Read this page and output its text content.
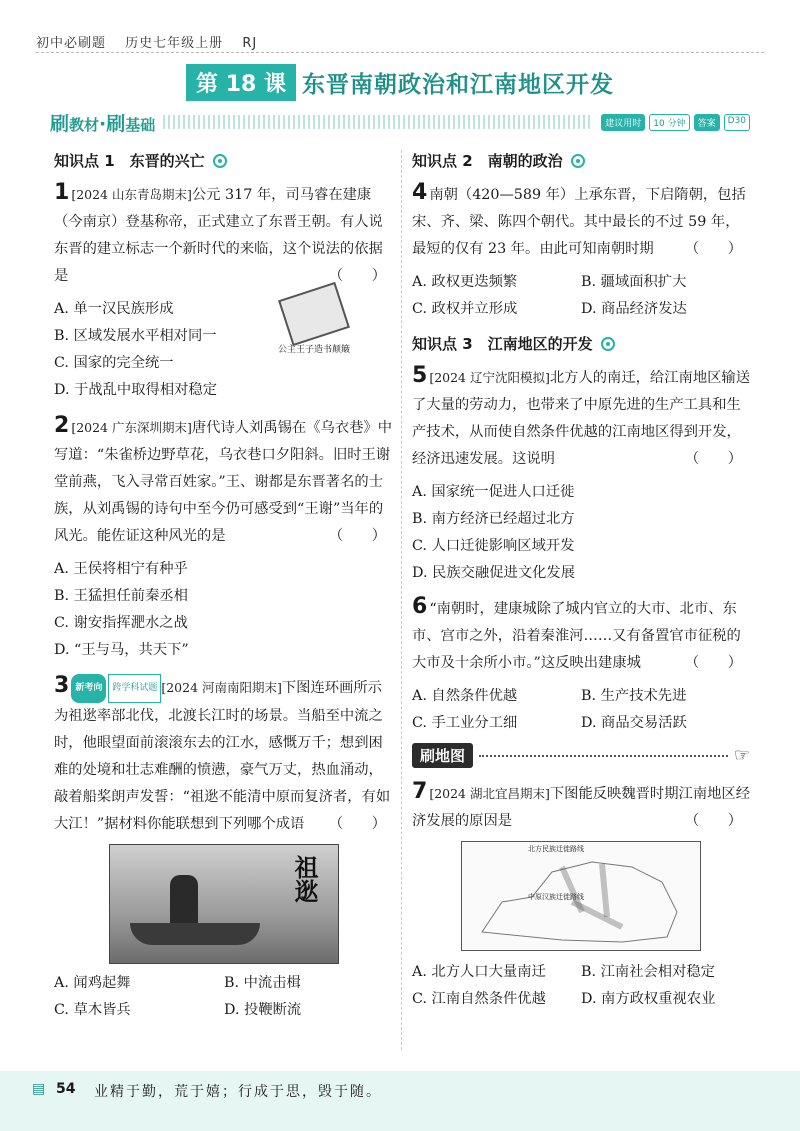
初中必刷题 历史七年级上册 RJ
第 18 课 东晋南朝政治和江南地区开发
刷教材·刷基础	建议用时	10 分钟	答案	D30
知识点 1　东晋的兴亡
1 [2024 山东青岛期末]公元 317 年，司马睿在建康（今南京）登基称帝，正式建立了东晋王朝。有人说东晋的建立标志一个新时代的来临，这个说法的依据是	（　　）
A. 单一汉民族形成
B. 区域发展水平相对同一
C. 国家的完全统一
D. 于战乱中取得相对稳定
公主王子造书颠簸
2 [2024 广东深圳期末]唐代诗人刘禹锡在《乌衣巷》中写道：“朱雀桥边野草花，乌衣巷口夕阳斜。旧时王谢堂前燕，飞入寻常百姓家。”王、谢都是东晋著名的士族，从刘禹锡的诗句中至今仍可感受到“王谢”当年的风光。能佐证这种风光的是	（　　）
A. 王侯将相宁有种乎
B. 王猛担任前秦丞相
C. 谢安指挥淝水之战
D. “王与马，共天下”
3 新考向 跨学科试题 [2024 河南南阳期末]下图连环画所示为祖逖率部北伐，北渡长江时的场景。当船至中流之时，他眼望面前滚滚东去的江水，感慨万千；想到困难的处境和壮志难酬的愤懑，豪气万丈，热血涌动，敲着船桨朗声发誓：“祖逖不能清中原而复济者，有如大江！”据材料你能联想到下列哪个成语 （　　）
祖逖
A. 闻鸡起舞	B. 中流击楫
C. 草木皆兵	D. 投鞭断流
知识点 2　南朝的政治
4 南朝（420—589 年）上承东晋，下启隋朝，包括宋、齐、梁、陈四个朝代。其中最长的不过 59 年，最短的仅有 23 年。由此可知南朝时期 （　　）
A. 政权更迭频繁	B. 疆域面积扩大
C. 政权并立形成	D. 商品经济发达
知识点 3　江南地区的开发
5 [2024 辽宁沈阳模拟]北方人的南迁，给江南地区输送了大量的劳动力，也带来了中原先进的生产工具和生产技术，从而使自然条件优越的江南地区得到开发，经济迅速发展。这说明	（　　）
A. 国家统一促进人口迁徙
B. 南方经济已经超过北方
C. 人口迁徙影响区域开发
D. 民族交融促进文化发展
6 “南朝时，建康城除了城内官立的大市、北市、东市、宫市之外，沿着秦淮河……又有备置官市征税的大市及十余所小市。”这反映出建康城	（　　）
A. 自然条件优越	B. 生产技术先进
C. 手工业分工细	D. 商品交易活跃
刷地图	☞
7 [2024 湖北宜昌期末]下图能反映魏晋时期江南地区经济发展的原因是	（　　）
北方民族迁徙路线
中原汉族迁徙路线
A. 北方人口大量南迁	B. 江南社会相对稳定
C. 江南自然条件优越	D. 南方政权重视农业
▤ 54 业精于勤，荒于嬉；行成于思，毁于随。
